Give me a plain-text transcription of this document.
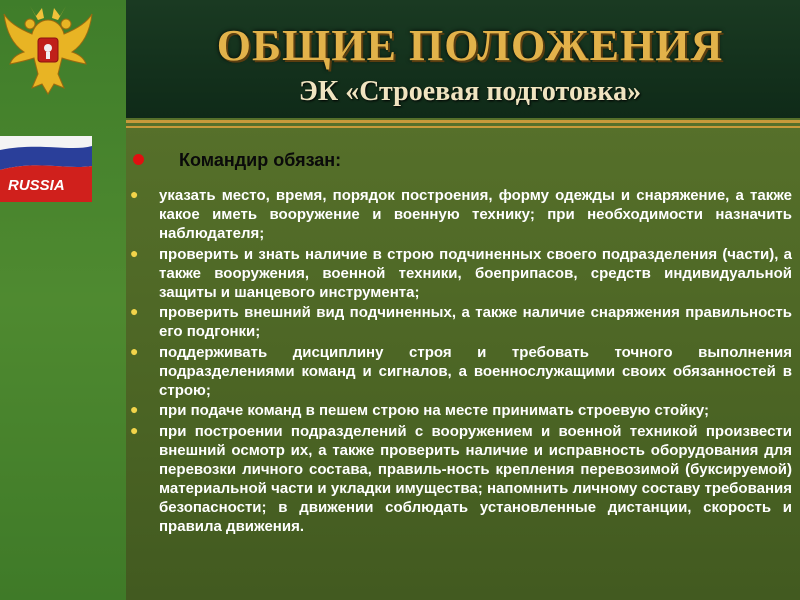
RUSSIA
ОБЩИЕ ПОЛОЖЕНИЯ
ЭК «Строевая подготовка»
Командир обязан:
● указать место, время, порядок построения, форму одежды и снаряжение, а также какое иметь вооружение и военную технику; при необходимости назначить наблюдателя;
● проверить и знать наличие в строю подчиненных своего подразделения (части), а также вооружения, военной техники, боеприпасов, средств индивидуальной защиты и шанцевого инструмента;
● проверить внешний вид подчиненных, а также наличие снаряжения правильность его подгонки;
● поддерживать дисциплину строя и требовать точного выполнения подразделениями команд и сигналов, а военнослужащими своих обязанностей в строю;
● при подаче команд в пешем строю на месте принимать строевую стойку;
● при построении подразделений с вооружением и военной техникой произвести внешний осмотр их, а также проверить наличие и исправность оборудования для перевозки личного состава, правиль-ность крепления перевозимой (буксируемой) материальной части и укладки имущества; напомнить личному составу требования безопасности; в движении соблюдать установленные дистанции, скорость и правила движения.
